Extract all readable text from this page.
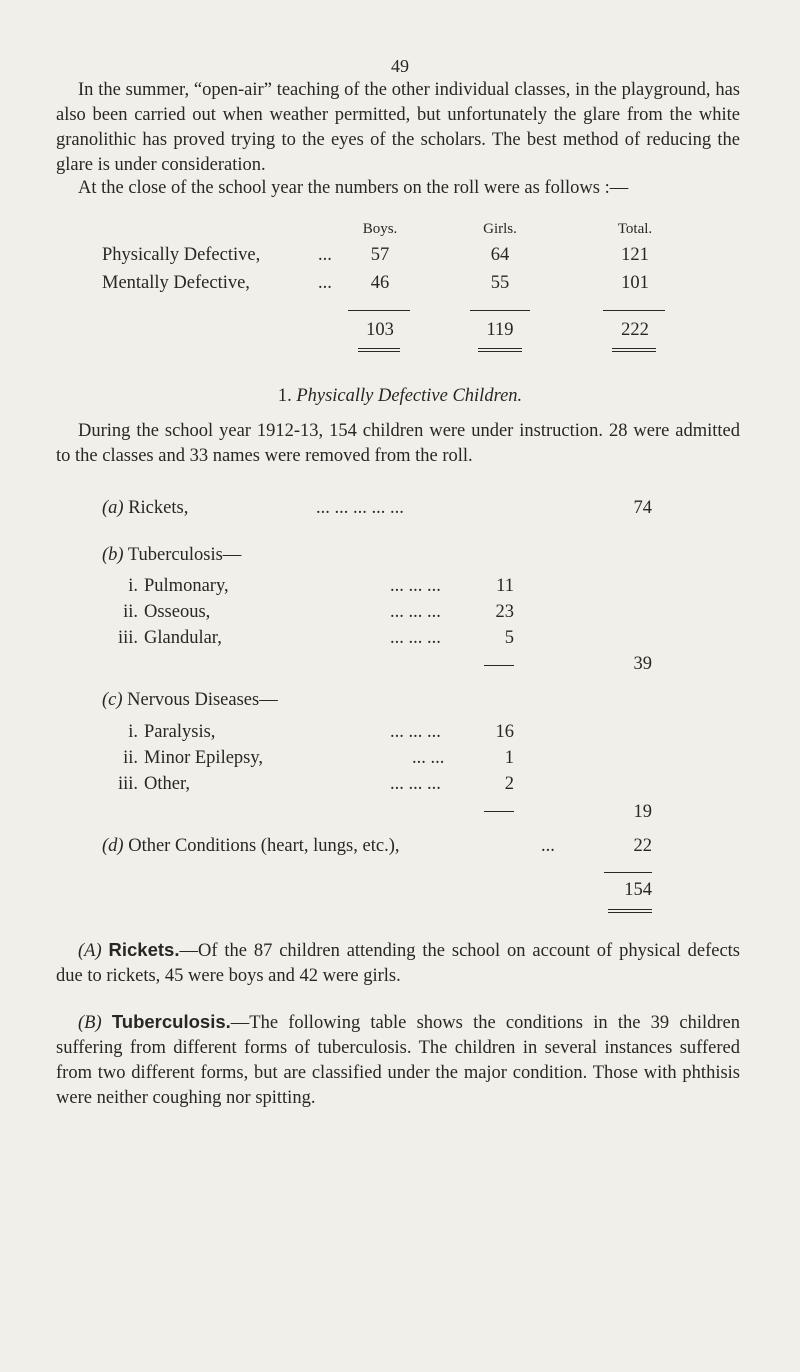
49

In the summer, “open-air” teaching of the other individual classes, in the playground, has also been carried out when weather permitted, but unfortunately the glare from the white granolithic has proved trying to the eyes of the scholars. The best method of reducing the glare is under consideration.

At the close of the school year the numbers on the roll were as follows :—

Boys.	Girls.	Total.
Physically Defective,	...	57	64	121
Mentally Defective,	...	46	55	101
103	119	222
1. Physically Defective Children.

During the school year 1912-13, 154 children were under instruction. 28 were admitted to the classes and 33 names were removed from the roll.

(a) Rickets,	... ... ... ... ...	74
(b) Tuberculosis—
i. Pulmonary,	... ... ...	11
ii. Osseous,	... ... ...	23
iii. Glandular,	... ... ...	5
39
(c) Nervous Diseases—
i. Paralysis,	... ... ...	16
ii. Minor Epilepsy,	... ...	1
iii. Other,	... ... ...	2
19
(d) Other Conditions (heart, lungs, etc.),	...	22
154

(A) Rickets.—Of the 87 children attending the school on account of physical defects due to rickets, 45 were boys and 42 were girls.

(B) Tuberculosis.—The following table shows the conditions in the 39 children suffering from different forms of tuberculosis. The children in several instances suffered from two different forms, but are classified under the major condition. Those with phthisis were neither coughing nor spitting.
